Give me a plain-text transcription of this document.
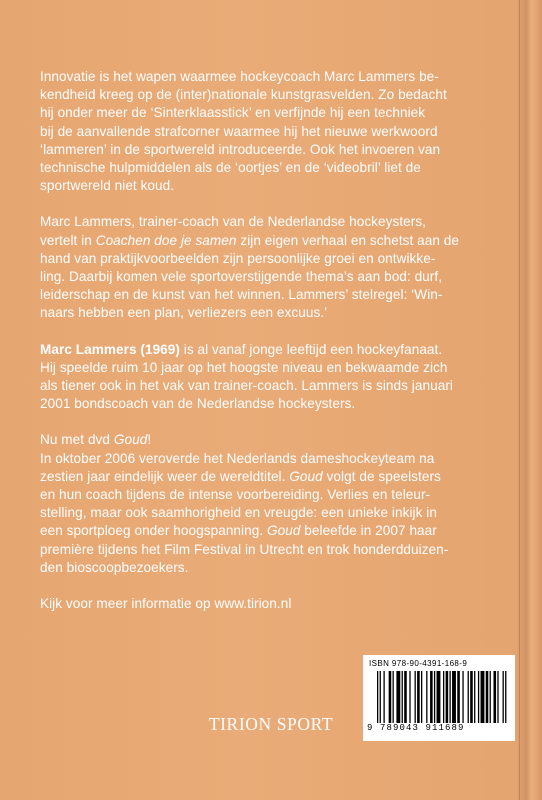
Innovatie is het wapen waarmee hockeycoach Marc Lammers be-
kendheid kreeg op de (inter)nationale kunstgrasvelden. Zo bedacht
hij onder meer de ‘Sinterklaasstick’ en verfijnde hij een techniek
bij de aanvallende strafcorner waarmee hij het nieuwe werkwoord
‘lammeren’ in de sportwereld introduceerde. Ook het invoeren van
technische hulpmiddelen als de ‘oortjes’ en de ‘videobril’ liet de
sportwereld niet koud.
Marc Lammers, trainer-coach van de Nederlandse hockeysters,
vertelt in Coachen doe je samen zijn eigen verhaal en schetst aan de
hand van praktijkvoorbeelden zijn persoonlijke groei en ontwikke-
ling. Daarbij komen vele sportoverstijgende thema’s aan bod: durf,
leiderschap en de kunst van het winnen. Lammers’ stelregel: ‘Win-
naars hebben een plan, verliezers een excuus.’
Marc Lammers (1969) is al vanaf jonge leeftijd een hockeyfanaat.
Hij speelde ruim 10 jaar op het hoogste niveau en bekwaamde zich
als tiener ook in het vak van trainer-coach. Lammers is sinds januari
2001 bondscoach van de Nederlandse hockeysters.
Nu met dvd Goud!
In oktober 2006 veroverde het Nederlands dameshockeyteam na
zestien jaar eindelijk weer de wereldtitel. Goud volgt de speelsters
en hun coach tijdens de intense voorbereiding. Verlies en teleur-
stelling, maar ook saamhorigheid en vreugde: een unieke inkijk in
een sportploeg onder hoogspanning. Goud beleefde in 2007 haar
première tijdens het Film Festival in Utrecht en trok honderdduizen-
den bioscoopbezoekers.
Kijk voor meer informatie op www.tirion.nl
TIRION SPORT
ISBN 978-90-4391-168-9
9 789043 911689
